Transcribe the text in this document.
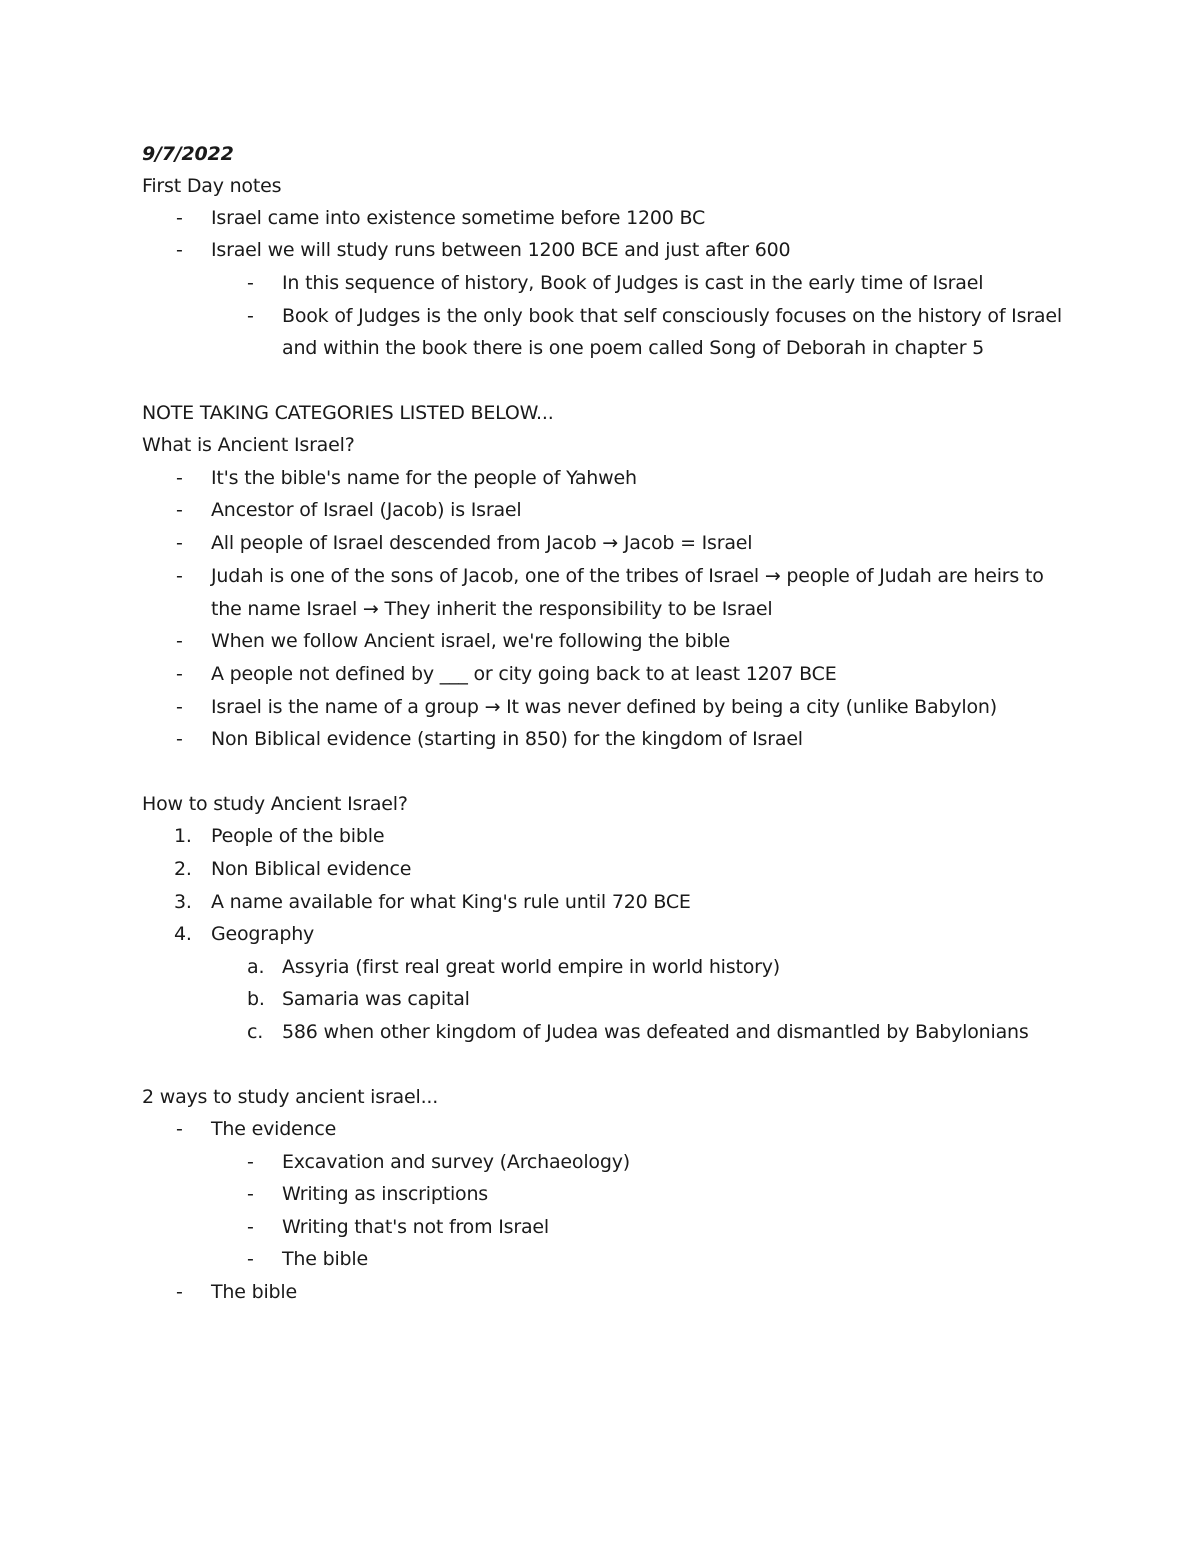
9/7/2022
First Day notes
- Israel came into existence sometime before 1200 BC
- Israel we will study runs between 1200 BCE and just after 600
- In this sequence of history, Book of Judges is cast in the early time of Israel
- Book of Judges is the only book that self consciously focuses on the history of Israel
and within the book there is one poem called Song of Deborah in chapter 5
NOTE TAKING CATEGORIES LISTED BELOW...
What is Ancient Israel?
- It's the bible's name for the people of Yahweh
- Ancestor of Israel (Jacob) is Israel
- All people of Israel descended from Jacob → Jacob = Israel
- Judah is one of the sons of Jacob, one of the tribes of Israel → people of Judah are heirs to
the name Israel → They inherit the responsibility to be Israel
- When we follow Ancient israel, we're following the bible
- A people not defined by ___ or city going back to at least 1207 BCE
- Israel is the name of a group → It was never defined by being a city (unlike Babylon)
- Non Biblical evidence (starting in 850) for the kingdom of Israel
How to study Ancient Israel?
1. People of the bible
2. Non Biblical evidence
3. A name available for what King's rule until 720 BCE
4. Geography
a. Assyria (first real great world empire in world history)
b. Samaria was capital
c. 586 when other kingdom of Judea was defeated and dismantled by Babylonians
2 ways to study ancient israel...
- The evidence
- Excavation and survey (Archaeology)
- Writing as inscriptions
- Writing that's not from Israel
- The bible
- The bible
